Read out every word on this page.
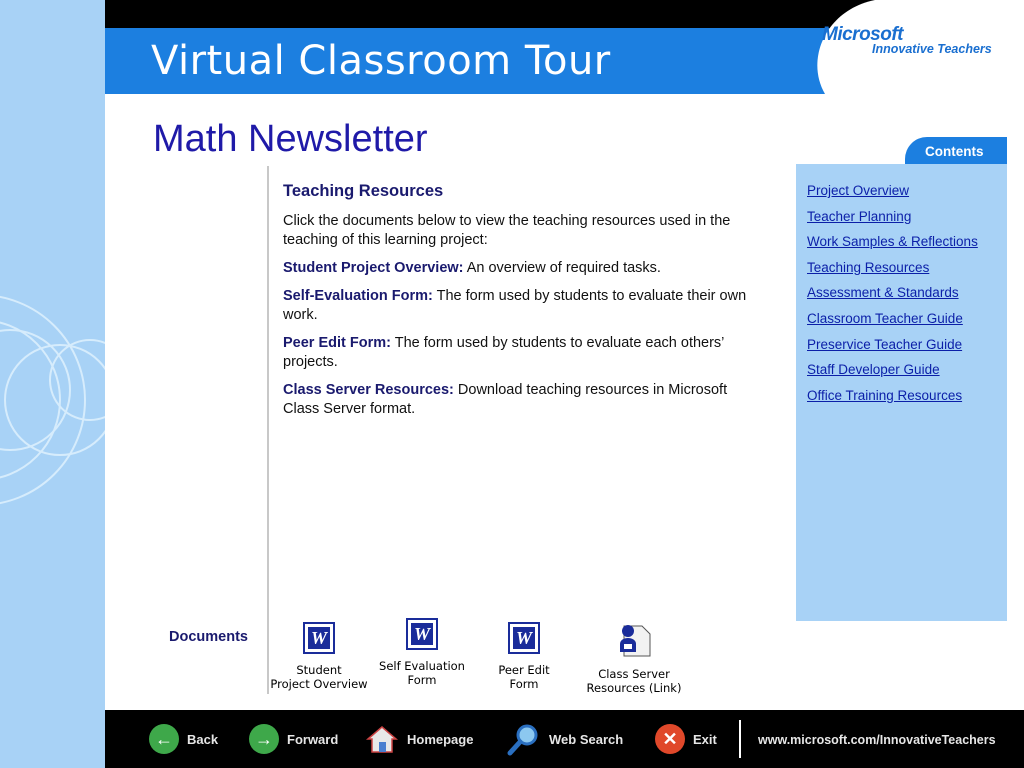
Virtual Classroom Tour
Microsoft
Innovative Teachers
Math Newsletter
Teaching Resources

Click the documents below to view the teaching resources used in the teaching of this learning project:

Student Project Overview: An overview of required tasks.

Self-Evaluation Form: The form used by students to evaluate their own work.

Peer Edit Form: The form used by students to evaluate each others’ projects.

Class Server Resources: Download teaching resources in Microsoft Class Server format.

Contents
Project Overview
Teacher Planning
Work Samples & Reflections
Teaching Resources
Assessment & Standards
Classroom Teacher Guide
Preservice Teacher Guide
Staff Developer Guide
Office Training Resources
Documents	W
Student
Project Overview
W
Self Evaluation
Form
W
Peer Edit
Form
Class Server
Resources (Link)
←	Back	→	Forward	Homepage	Web Search	✕	Exit	www.microsoft.com/InnovativeTeachers
